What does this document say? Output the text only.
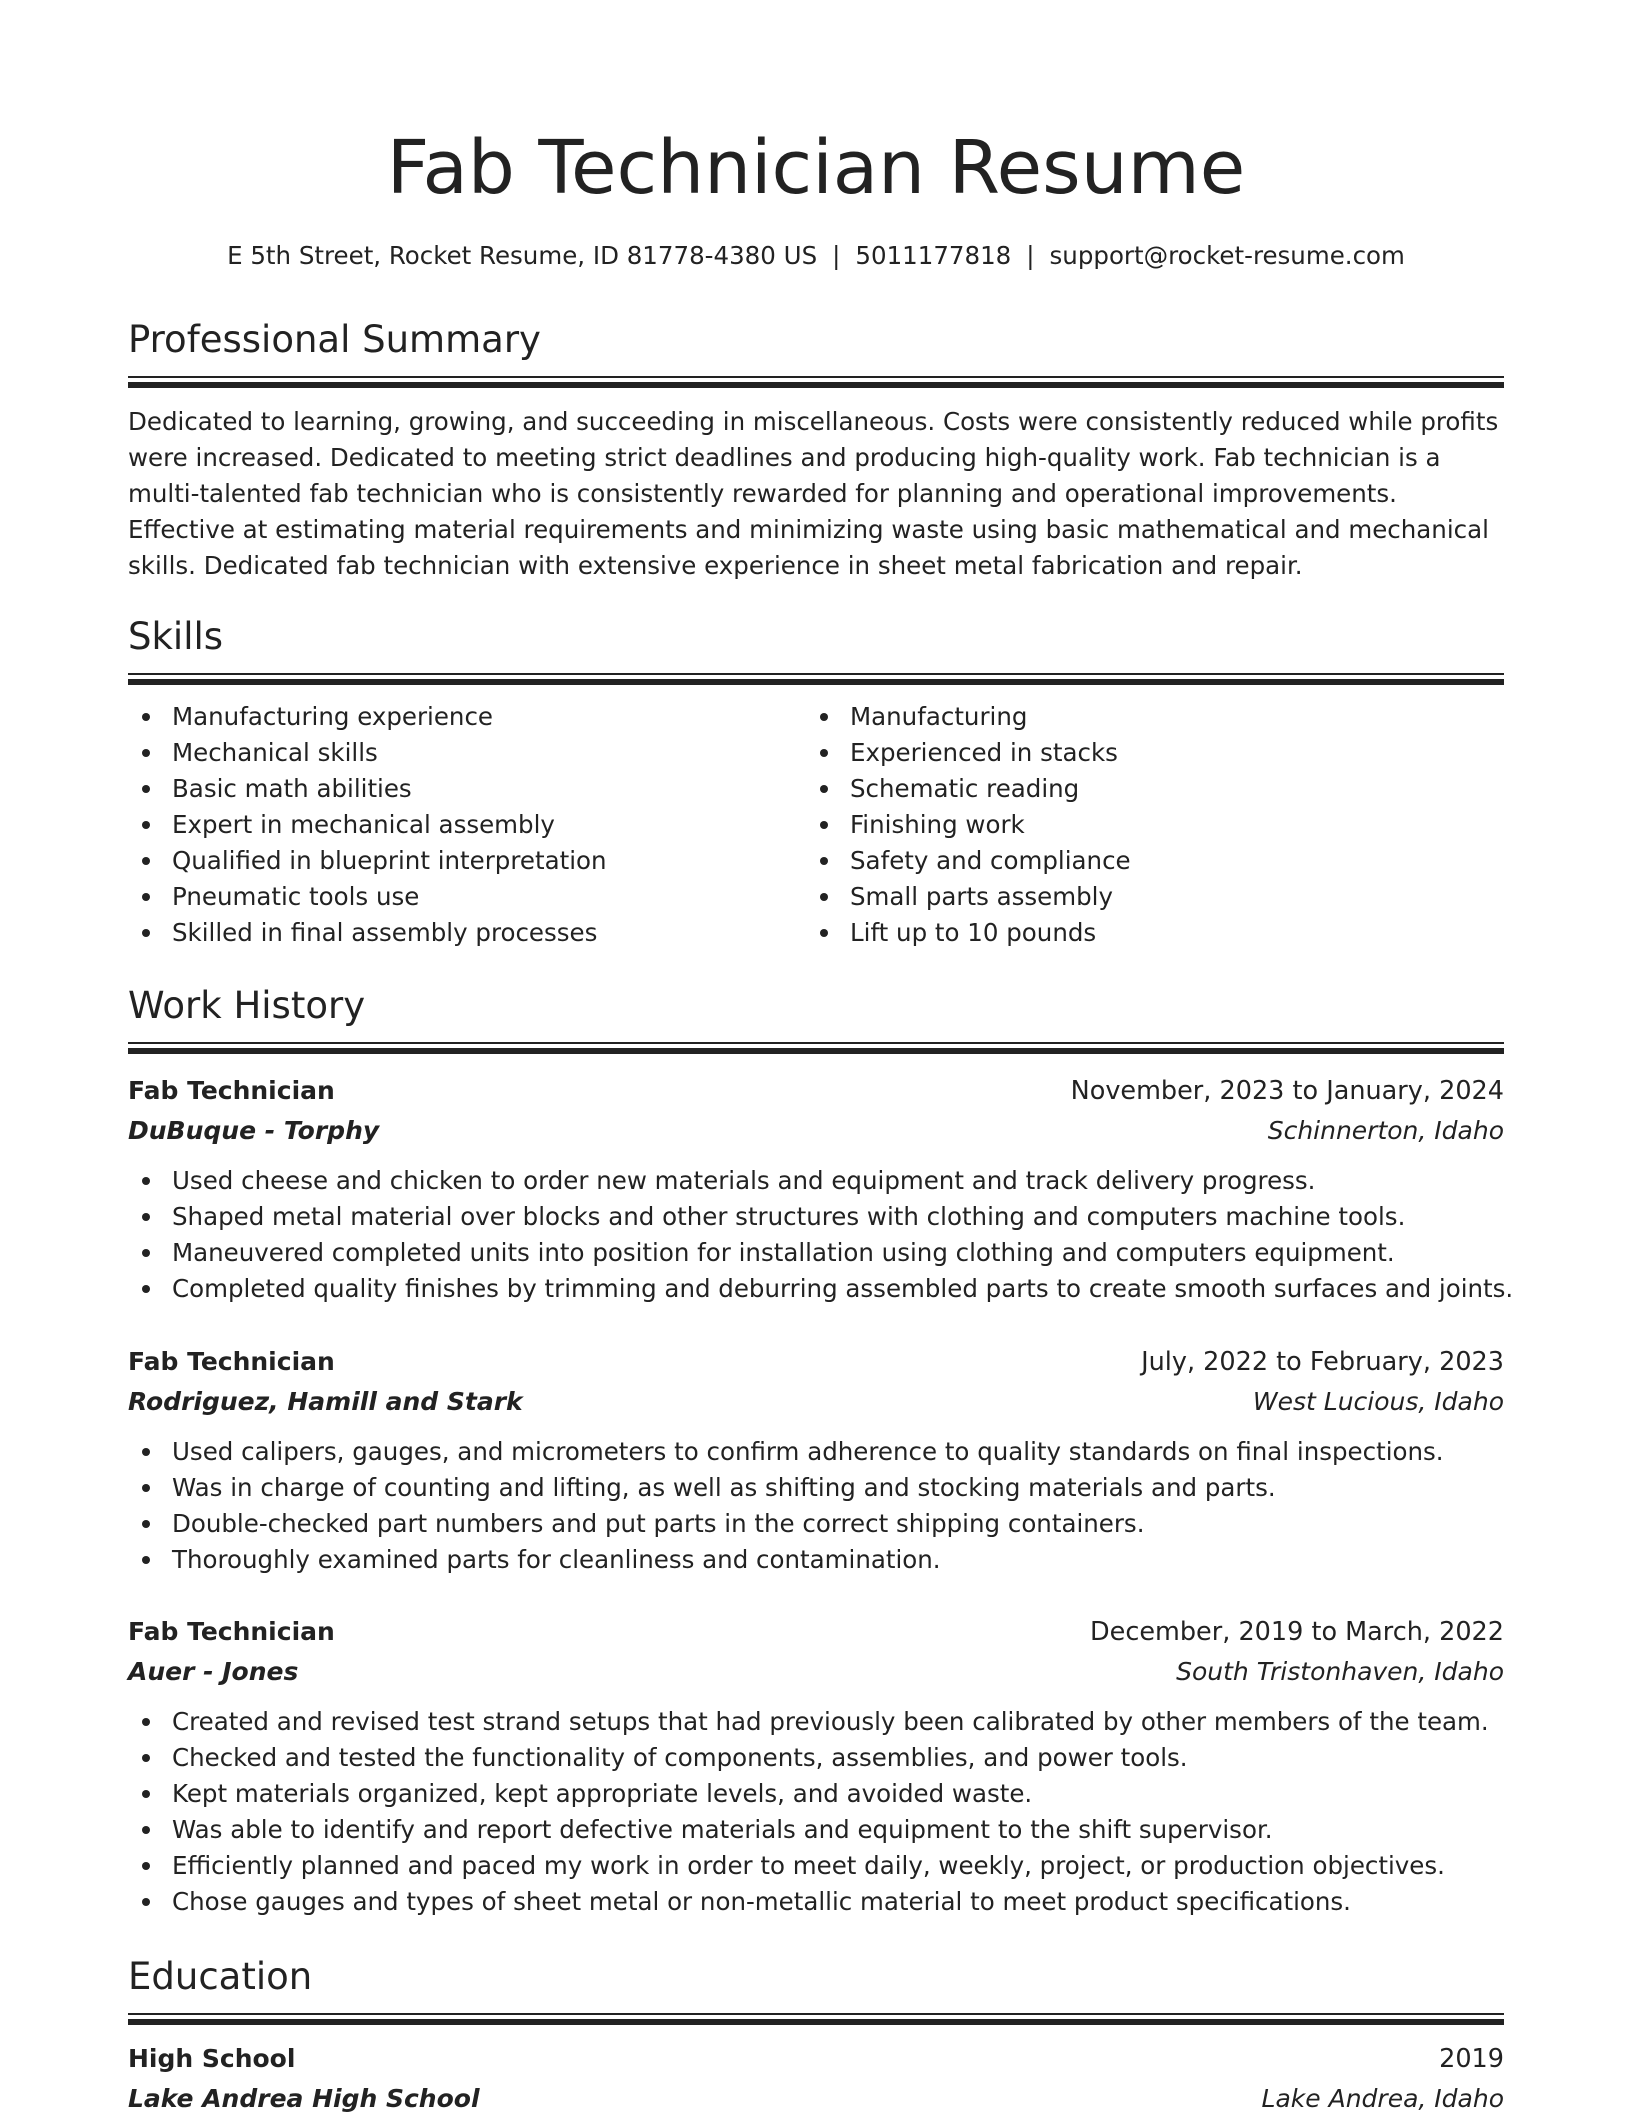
Fab Technician Resume
E 5th Street, Rocket Resume, ID 81778-4380 US | 5011177818 | support@rocket-resume.com
Professional Summary

Dedicated to learning, growing, and succeeding in miscellaneous. Costs were consistently reduced while profits were increased. Dedicated to meeting strict deadlines and producing high-quality work. Fab technician is a multi-talented fab technician who is consistently rewarded for planning and operational improvements. Effective at estimating material requirements and minimizing waste using basic mathematical and mechanical skills. Dedicated fab technician with extensive experience in sheet metal fabrication and repair.

Skills
Manufacturing experience
Mechanical skills
Basic math abilities
Expert in mechanical assembly
Qualified in blueprint interpretation
Pneumatic tools use
Skilled in final assembly processes
Manufacturing
Experienced in stacks
Schematic reading
Finishing work
Safety and compliance
Small parts assembly
Lift up to 10 pounds
Work History
Fab Technician	November, 2023 to January, 2024
DuBuque - Torphy	Schinnerton, Idaho
Used cheese and chicken to order new materials and equipment and track delivery progress.
Shaped metal material over blocks and other structures with clothing and computers machine tools.
Maneuvered completed units into position for installation using clothing and computers equipment.
Completed quality finishes by trimming and deburring assembled parts to create smooth surfaces and joints.
Fab Technician	July, 2022 to February, 2023
Rodriguez, Hamill and Stark	West Lucious, Idaho
Used calipers, gauges, and micrometers to confirm adherence to quality standards on final inspections.
Was in charge of counting and lifting, as well as shifting and stocking materials and parts.
Double-checked part numbers and put parts in the correct shipping containers.
Thoroughly examined parts for cleanliness and contamination.
Fab Technician	December, 2019 to March, 2022
Auer - Jones	South Tristonhaven, Idaho
Created and revised test strand setups that had previously been calibrated by other members of the team.
Checked and tested the functionality of components, assemblies, and power tools.
Kept materials organized, kept appropriate levels, and avoided waste.
Was able to identify and report defective materials and equipment to the shift supervisor.
Efficiently planned and paced my work in order to meet daily, weekly, project, or production objectives.
Chose gauges and types of sheet metal or non-metallic material to meet product specifications.
Education
High School	2019
Lake Andrea High School	Lake Andrea, Idaho
